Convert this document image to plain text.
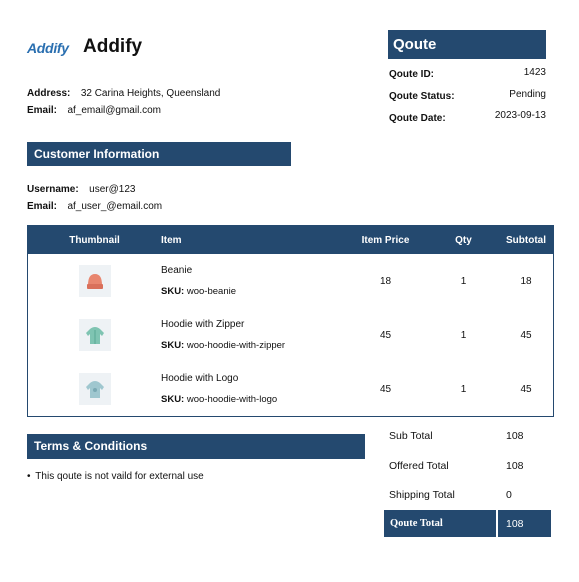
Addify Addify
Address: 32 Carina Heights, Queensland
Email: af_email@gmail.com
Qoute
Qoute ID:	1423
Qoute Status:	Pending
Qoute Date:	2023-09-13
Customer Information
Username: user@123
Email: af_user_@email.com
Thumbnail	Item	Item Price	Qty	Subtotal

Beanie
SKU: woo-beanie	18	1	18

Hoodie with Zipper
SKU: woo-hoodie-with-zipper	45	1	45

Hoodie with Logo
SKU: woo-hoodie-with-logo	45	1	45
Terms & Conditions
• This qoute is not vaild for external use
Sub Total	108
Offered Total	108
Shipping Total	0
Qoute Total	108
